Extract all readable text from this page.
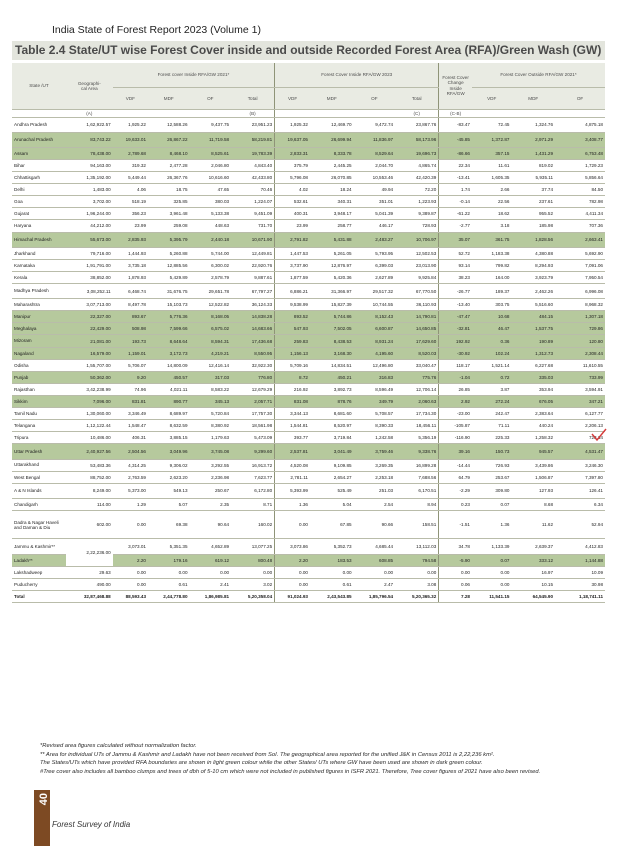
India State of Forest Report 2023 (Volume 1)
Table 2.4 State/UT wise Forest Cover inside and outside Recorded Forest Area (RFA)/Green Wash (GW)
State /UT	Geographi-
cal Area	Forest cover Inside RFA/GW 2021*				Forest Cover Inside RFA/GW 2023				Forest Cover Change Inside RFA/GW	Forest Cover Outside RFA/GW 2021*		
		VDF	MDF	OF	Total	VDF	MDF	OF	Total		VDF	MDF	OF
	(A)				(B)				(C)	(C-B)			
Andhra Pradesh	1,62,922.57	1,925.22	12,588.26	9,437.75	23,951.23	1,925.32	12,469.70	9,472.74	23,867.76	-83.47	72.45	1,324.76	4,875.18
Arunachal Pradesh	83,743.22	19,633.01	26,867.22	11,719.58	58,219.81	19,637.05	26,699.94	11,836.97	58,173.96	-45.85	1,372.87	2,971.29	3,408.77
Assam	78,438.00	2,789.68	8,468.10	8,525.61	19,783.39	2,833.31	8,333.78	8,529.64	19,696.73	-86.66	357.15	1,431.29	6,753.48
Bihar	94,163.00	319.32	2,477.28	2,046.80	4,843.40	375.79	2,445.25	2,044.70	4,865.74	22.34	11.61	819.02	1,729.23
Chhattisgarh	1,35,192.00	5,449.44	26,367.76	10,616.60	42,433.80	5,796.08	26,070.85	10,553.46	42,420.39	-13.41	1,605.35	5,935.11	5,856.64
Delhi	1,483.00	4.06	18.75	47.65	70.46	4.02	18.24	49.94	72.20	1.74	2.66	37.74	84.50
Goa	3,702.00	518.19	325.85	380.03	1,224.07	532.61	340.31	351.01	1,223.93	-0.14	22.56	237.61	782.98
Gujarat	1,96,244.00	356.23	3,961.48	5,133.38	9,451.09	400.31	3,948.17	5,041.39	9,389.87	-61.22	18.62	955.52	4,411.34
Haryana	44,212.00	23.99	259.08	448.63	731.70	23.99	258.77	446.17	728.93	-2.77	3.18	185.98	707.36
Himachal Pradesh	55,673.00	2,835.93	5,395.79	2,440.18	10,671.90	2,791.82	5,431.88	2,483.27	10,706.97	35.07	361.75	1,828.56	2,663.41
Jharkhand	79,716.00	1,444.93	5,260.88	5,744.00	12,449.81	1,447.53	5,261.05	5,793.95	12,502.53	52.72	1,183.38	4,380.88	5,692.90
Karnataka	1,91,791.00	3,735.18	12,885.56	6,300.02	22,920.76	3,737.90	12,876.97	6,399.03	23,013.90	93.14	799.82	8,294.93	7,091.06
Kerala	38,852.00	1,878.93	5,429.89	2,578.79	9,887.61	1,877.59	5,420.36	2,627.89	9,925.84	38.23	164.00	3,923.79	7,950.54
Madhya Pradesh	3,08,252.11	6,468.74	31,676.75	29,651.78	67,797.27	6,886.21	31,366.97	29,517.32	67,770.50	-26.77	189.37	2,462.26	6,996.08
Maharashtra	3,07,713.00	8,497.78	15,103.73	12,522.82	36,124.33	9,538.99	15,827.39	10,744.55	36,110.93	-13.40	303.75	5,516.60	8,968.32
Manipur	22,327.00	893.67	5,776.36	8,168.05	14,838.28	893.52	5,744.86	8,152.43	14,790.81	-47.47	10.68	484.15	1,307.18
Meghalaya	22,429.00	508.98	7,599.66	6,575.02	14,683.66	547.93	7,502.05	6,600.87	14,650.85	-32.81	46.47	1,537.75	729.86
Mizoram	21,081.00	193.73	8,648.64	8,594.31	17,436.68	259.83	8,438.53	8,931.24	17,629.60	192.92	0.36	190.89	120.80
Nagaland	16,579.00	1,159.01	3,172.73	4,219.21	8,550.95	1,156.13	3,168.30	4,195.60	8,520.03	-30.92	102.24	1,312.73	2,308.44
Odisha	1,55,707.00	5,706.07	14,800.09	12,416.14	32,922.30	5,709.16	14,834.51	12,496.80	33,040.47	118.17	1,521.14	6,227.68	11,610.55
Punjab	50,362.00	9.20	450.57	317.03	776.80	8.72	450.21	316.83	775.76	-1.04	0.72	335.03	733.99
Rajasthan	3,42,238.99	74.96	4,021.11	8,583.22	12,679.29	216.92	3,892.73	8,596.49	12,706.14	26.85	3.87	353.94	3,594.91
Sikkim	7,096.00	831.81	890.77	345.13	2,057.71	831.08	878.76	349.79	2,060.63	2.92	272.24	676.05	347.21
Tamil Nadu	1,30,060.00	3,346.49	8,689.97	5,720.84	17,757.30	3,344.13	8,681.60	5,708.57	17,734.30	-23.00	242.47	2,383.64	6,127.77
Telangana	1,12,122.44	1,548.47	8,632.59	8,380.92	18,561.98	1,544.81	8,520.97	8,390.33	18,456.11	-105.87	71.11	440.24	2,206.13
Tripura	10,486.00	406.31	3,885.15	1,179.63	5,473.09	393.77	3,719.84	1,242.58	5,356.19	-116.90	225.33	1,258.32	723.34
Uttar Pradesh	2,40,927.56	2,504.56	3,049.96	3,745.08	9,299.60	2,537.81	3,041.49	3,759.46	9,338.76	39.16	150.73	945.57	4,531.47
Uttarakhand	53,483.36	4,314.25	9,306.02	3,292.55	16,913.72	4,520.08	9,109.85	3,269.35	16,899.28	-14.44	726.93	3,439.86	3,246.30
West Bengal	88,752.00	2,763.59	2,623.20	2,236.98	7,623.77	2,781.11	2,654.27	2,253.18	7,688.56	64.79	253.67	1,506.87	7,397.80
A & N Islands	8,249.00	5,373.00	549.13	250.67	6,172.80	5,393.99	525.49	251.03	6,170.51	-2.29	309.80	127.93	126.41
Chandigarh	114.00	1.29	5.07	2.35	8.71	1.36	5.04	2.54	8.94	0.23	0.07	8.68	6.34
Dadra & Nagar Haveli and Daman & Diu	602.00	0.00	69.38	90.64	160.02	0.00	67.85	90.66	158.51	-1.51	1.36	11.62	52.94
Jammu & Kashmir**	2,22,236.00	3,073.01	5,351.35	4,652.89	13,077.25	3,073.86	5,352.73	4,685.44	13,112.03	34.78	1,133.39	2,639.37	4,412.83
Ladakh**		2.20	179.16	619.12	800.48	2.20	183.53	608.85	794.58	-5.90	0.07	333.12	1,144.88
Lakshadweep	29.63	0.00	0.00	0.00	0.00	0.00	0.00	0.00	0.00	0.00	0.00	16.97	10.09
Puducherry	490.00	0.00	0.61	2.41	3.02	0.00	0.61	2.47	3.08	0.06	0.00	10.15	30.98
Total	32,87,468.88	88,593.43	2,44,778.80	1,86,985.81	5,20,358.04	91,024.93	2,43,543.85	1,85,796.54	5,20,365.32	7.28	11,541.15	64,545.90	1,18,741.11
*Revised area figures calculated without normalization factor.
** Area for individual UTs of Jammu & Kashmir and Ladakh have not been received from SoI. The geographical area reported for the unified J&K in Census 2011 is 2,22,236 km².
The States/UTs which have provided RFA boundaries are shown in light green colour while the other States/ UTs where GW have been used are shown in dark green colour.
#Tree cover also includes all bamboo clumps and trees of dbh of 5-10 cm which were not included in published figures in ISFR 2021. Therefore, Tree cover figures of 2021 have also been revised.
40
Forest Survey of India
